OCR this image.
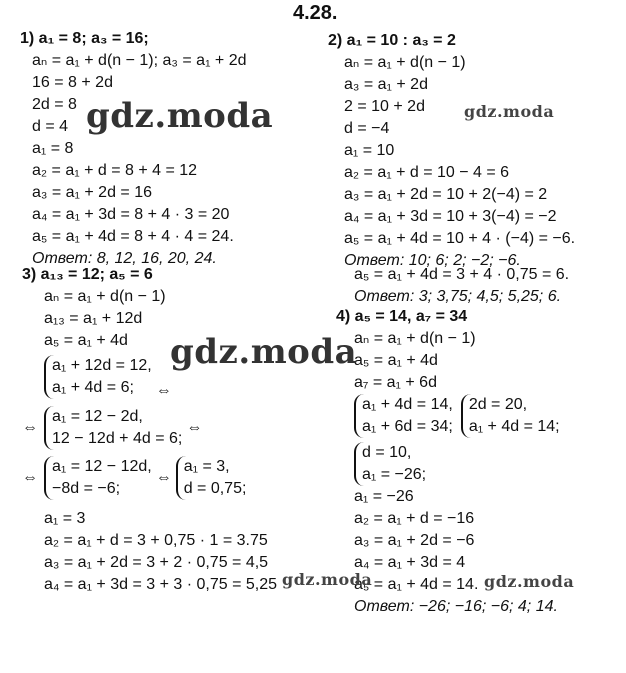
4.28.
1) a₁ = 8; a₃ = 16;
aₙ = a₁ + d(n − 1); a₃ = a₁ + 2d
16 = 8 + 2d
2d = 8
d = 4
a₁ = 8
a₂ = a₁ + d = 8 + 4 = 12
a₃ = a₁ + 2d = 16
a₄ = a₁ + 3d = 8 + 4 · 3 = 20
a₅ = a₁ + 4d = 8 + 4 · 4 = 24.
Ответ: 8, 12, 16, 20, 24.
2) a₁ = 10 : a₃ = 2
aₙ = a₁ + d(n − 1)
a₃ = a₁ + 2d
2 = 10 + 2d
d = −4
a₁ = 10
a₂ = a₁ + d = 10 − 4 = 6
a₃ = a₁ + 2d = 10 + 2(−4) = 2
a₄ = a₁ + 3d = 10 + 3(−4) = −2
a₅ = a₁ + 4d = 10 + 4 · (−4) = −6.
Ответ: 10; 6; 2; −2; −6.
3) a₁₃ = 12; a₅ = 6
aₙ = a₁ + d(n − 1)
a₁₃ = a₁ + 12d
a₅ = a₁ + 4d
a₁ + 12d = 12,
a₁ + 4d = 6;	⇔
⇔
a₁ = 12 − 2d,
12 − 12d + 4d = 6;
⇔
⇔
a₁ = 12 − 12d,
−8d = −6;
⇔
a₁ = 3,
d = 0,75;
a₁ = 3
a₂ = a₁ + d = 3 + 0,75 · 1 = 3.75
a₃ = a₁ + 2d = 3 + 2 · 0,75 = 4,5
a₄ = a₁ + 3d = 3 + 3 · 0,75 = 5,25
a₅ = a₁ + 4d = 3 + 4 · 0,75 = 6.
Ответ: 3; 3,75; 4,5; 5,25; 6.
4) a₅ = 14, a₇ = 34
aₙ = a₁ + d(n − 1)
a₅ = a₁ + 4d
a₇ = a₁ + 6d
a₁ + 4d = 14,
a₁ + 6d = 34;
2d = 20,
a₁ + 4d = 14;
d = 10,
a₁ = −26;
a₁ = −26
a₂ = a₁ + d = −16
a₃ = a₁ + 2d = −6
a₄ = a₁ + 3d = 4
a₅ = a₁ + 4d = 14.
Ответ: −26; −16; −6; 4; 14.
gdz.moda	gdz.moda
gdz.moda
gdz.moda	gdz.moda
